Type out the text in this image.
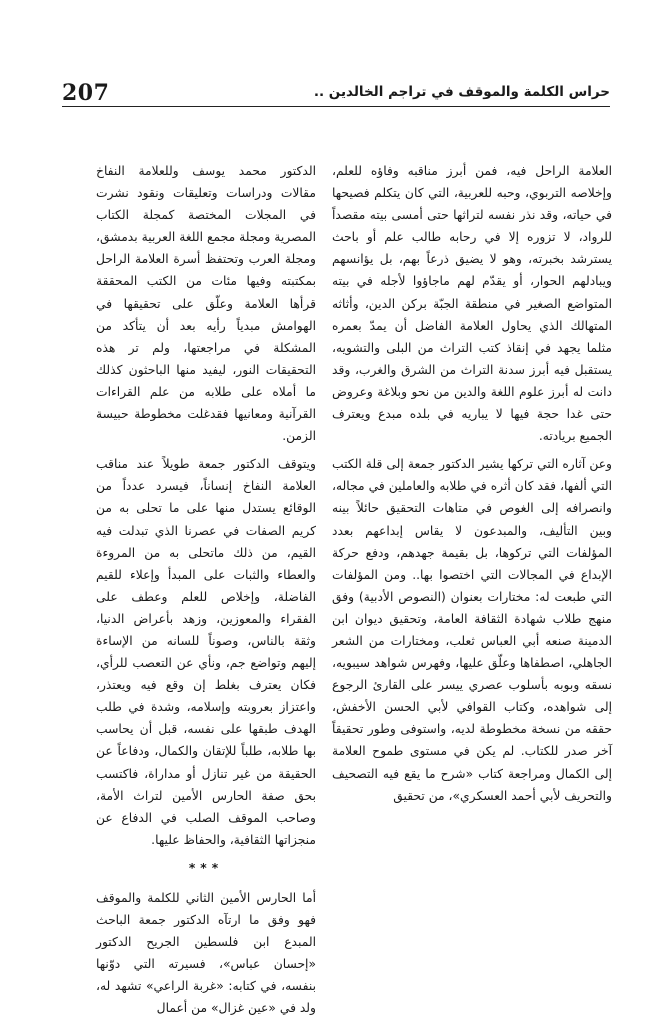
207	حراس الكلمة والموقف في تراجم الخالدين ..

العلامة الراحل فيه، فمن أبرز مناقبه وفاؤه للعلم، وإخلاصه التربوي، وحبه للعربية، التي كان يتكلم فصيحها في حياته، وقد نذر نفسه لتراثها حتى أمسى بيته مقصداً للرواد، لا تزوره إلا في رحابه طالب علم أو باحث يسترشد بخبرته، وهو لا يضيق ذرعاً بهم، بل يؤانسهم ويبادلهم الحوار، أو يقدّم لهم ماجاؤوا لأجله في بيته المتواضع الصغير في منطقة الجبّة بركن الدين، وأثاثه المتهالك الذي يحاول العلامة الفاضل أن يمدّ بعمره مثلما يجهد في إنقاذ كتب التراث من البلى والتشويه، يستقبل فيه أبرز سدنة التراث من الشرق والغرب، وقد دانت له أبرز علوم اللغة والدين من نحو وبلاغة وعروض حتى غدا حجة فيها لا يباريه في بلده مبدع ويعترف الجميع بريادته.

وعن آثاره التي تركها يشير الدكتور جمعة إلى قلة الكتب التي ألفها، فقد كان أثره في طلابه والعاملين في مجاله، وانصرافه إلى الغوص في متاهات التحقيق حائلاً بينه وبين التأليف، والمبدعون لا يقاس إبداعهم بعدد المؤلفات التي تركوها، بل بقيمة جهدهم، ودفع حركة الإبداع في المجالات التي اختصوا بها.. ومن المؤلفات التي طبعت له: مختارات بعنوان (النصوص الأدبية) وفق منهج طلاب شهادة الثقافة العامة، وتحقيق ديوان ابن الدمينة صنعه أبي العباس ثعلب، ومختارات من الشعر الجاهلي، اصطفاها وعلّق عليها، وفهرس شواهد سيبويه، نسقه وبوبه بأسلوب عصري ييسر على القارئ الرجوع إلى شواهده، وكتاب القوافي لأبي الحسن الأخفش، حققه من نسخة مخطوطة لديه، واستوفى وطور تحقيقاً آخر صدر للكتاب. لم يكن في مستوى طموح العلامة إلى الكمال ومراجعة كتاب «شرح ما يقع فيه التصحيف والتحريف لأبي أحمد العسكري»، من تحقيق

الدكتور محمد يوسف وللعلامة النفاخ مقالات ودراسات وتعليقات ونقود نشرت في المجلات المختصة كمجلة الكتاب المصرية ومجلة مجمع اللغة العربية بدمشق، ومجلة العرب وتحتفظ أسرة العلامة الراحل بمكتبته وفيها مئات من الكتب المحققة قرأها العلامة وعلّق على تحقيقها في الهوامش مبدياً رأيه بعد أن يتأكد من المشكلة في مراجعتها، ولم تر هذه التحقيقات النور، ليفيد منها الباحثون كذلك ما أملاه على طلابه من علم القراءات القرآنية ومعانيها فقدغلت مخطوطة حبيسة الزمن.

ويتوقف الدكتور جمعة طويلاً عند مناقب العلامة النفاخ إنساناً، فيسرد عدداً من الوقائع يستدل منها على ما تحلى به من كريم الصفات في عصرنا الذي تبدلت فيه القيم، من ذلك ماتحلى به من المروءة والعطاء والثبات على المبدأ وإعلاء للقيم الفاضلة، وإخلاص للعلم وعطف على الفقراء والمعوزين، وزهد بأعراض الدنيا، وثقة بالناس، وصوناً للسانه من الإساءة إليهم وتواضع جم، ونأي عن التعصب للرأي، فكان يعترف بغلط إن وقع فيه ويعتذر، واعتزاز بعروبته وإسلامه، وشدة في طلب الهدف طبقها على نفسه، قبل أن يحاسب بها طلابه، طلباً للإتقان والكمال، ودفاعاً عن الحقيقة من غير تنازل أو مداراة، فاكتسب بحق صفة الحارس الأمين لتراث الأمة، وصاحب الموقف الصلب في الدفاع عن منجزاتها الثقافية، والحفاظ عليها.

***

أما الحارس الأمين الثاني للكلمة والموقف فهو وفق ما ارتآه الدكتور جمعة الباحث المبدع ابن فلسطين الجريح الدكتور «إحسان عباس»، فسيرته التي دوّنها بنفسه، في كتابه: «غربة الراعي» تشهد له، ولد في «عين غزال» من أعمال
